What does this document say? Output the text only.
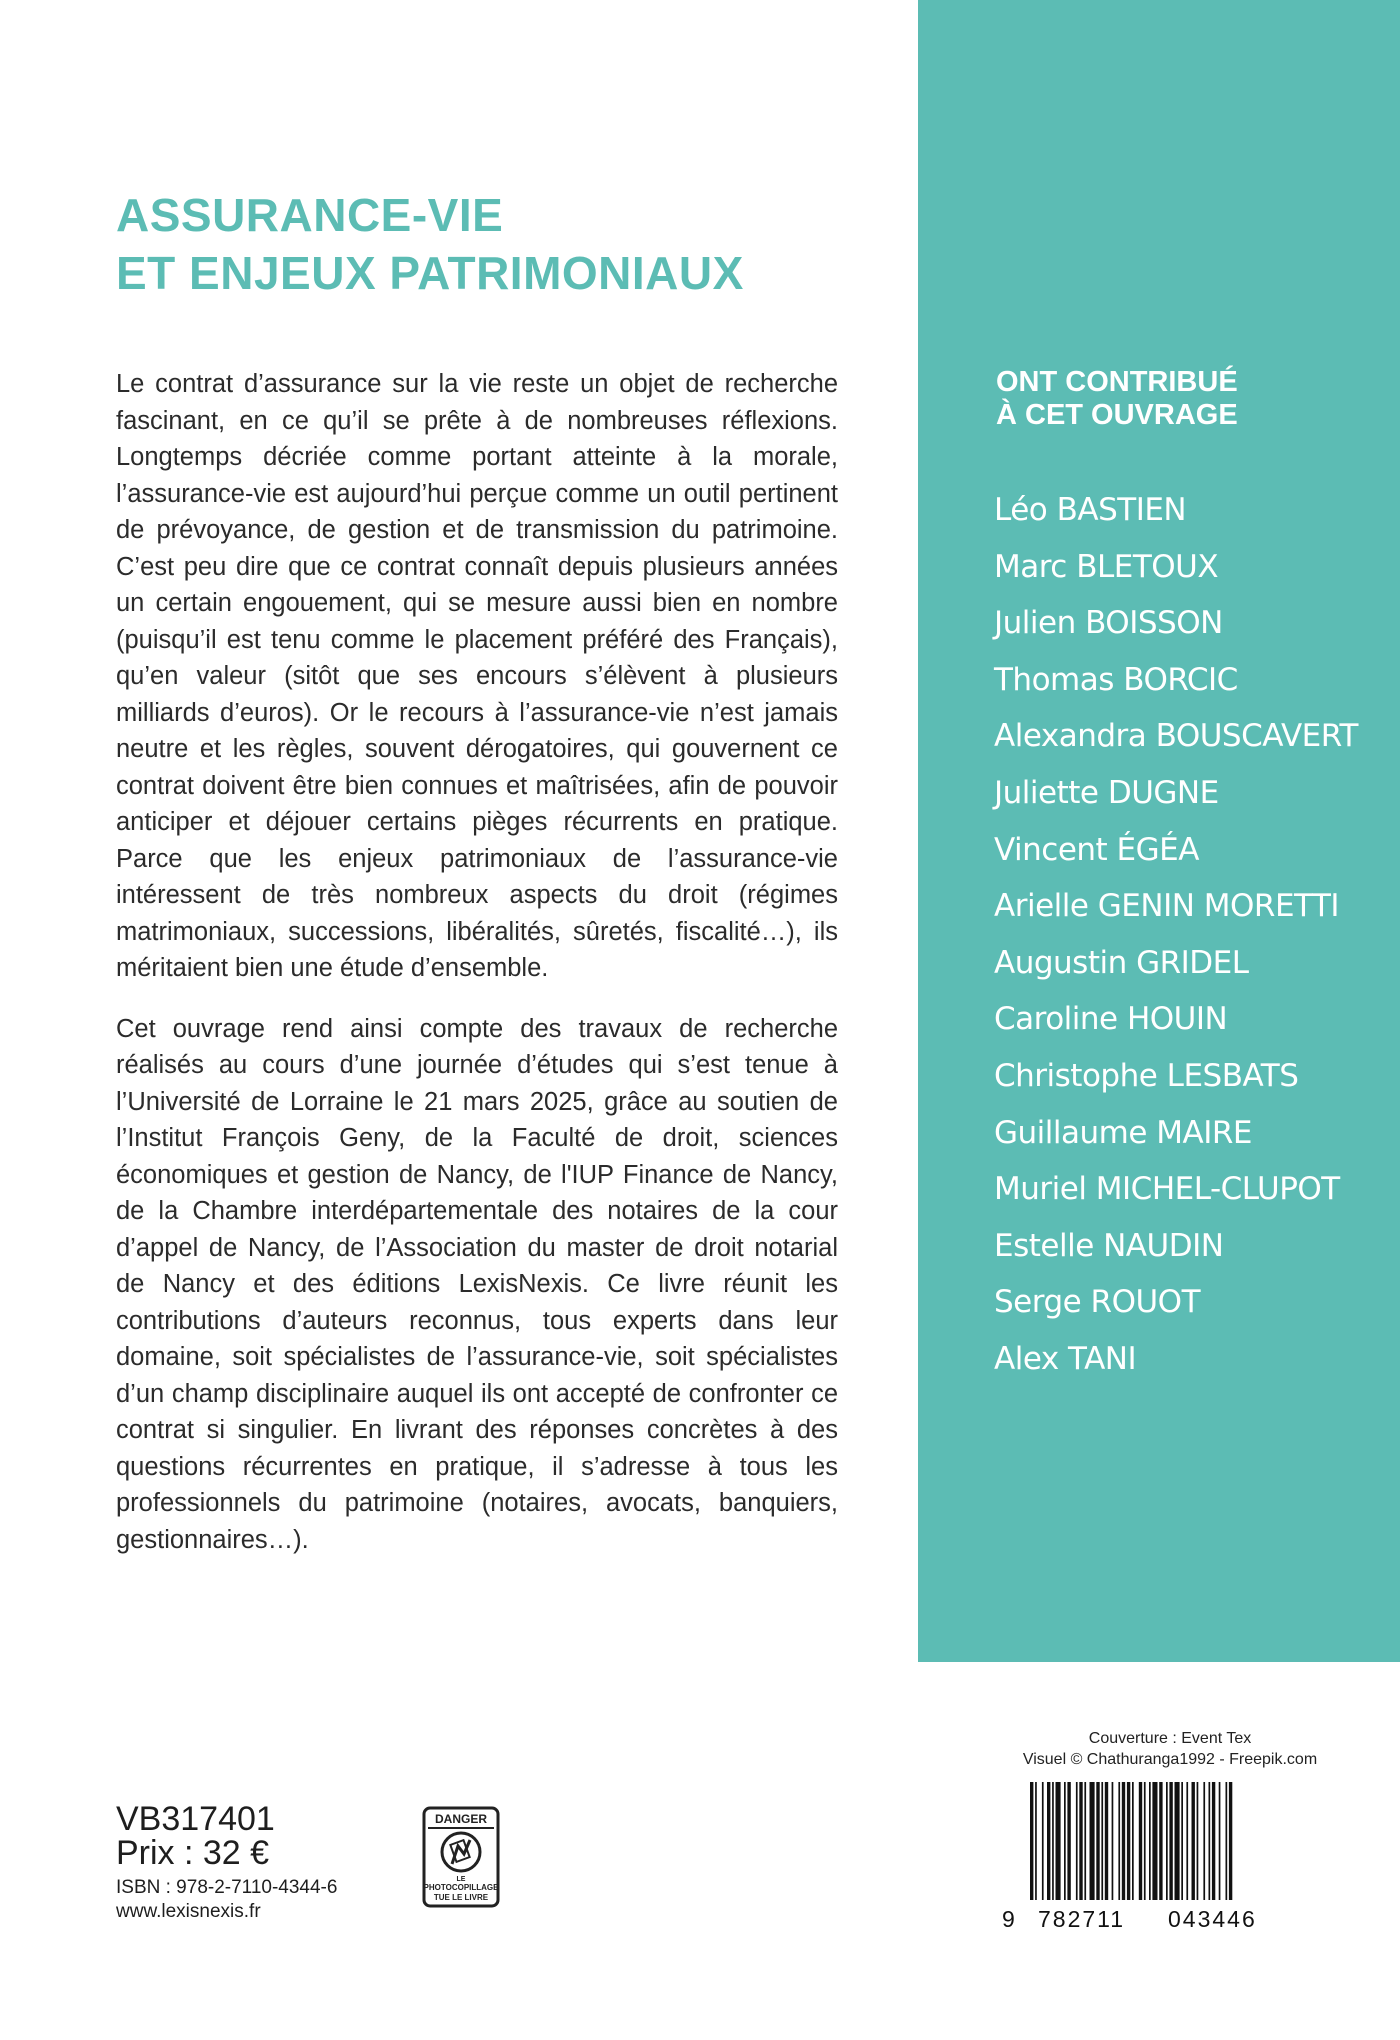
ASSURANCE-VIE
ET ENJEUX PATRIMONIAUX

Le contrat d’assurance sur la vie reste un objet de recherche fascinant, en ce qu’il se prête à de nombreuses réflexions. Longtemps décriée comme portant atteinte à la morale, l’assurance-vie est aujourd’hui perçue comme un outil pertinent de prévoyance, de gestion et de transmission du patrimoine. C’est peu dire que ce contrat connaît depuis plusieurs années un certain engouement, qui se mesure aussi bien en nombre (puisqu’il est tenu comme le placement préféré des Français), qu’en valeur (sitôt que ses encours s’élèvent à plusieurs milliards d’euros). Or le recours à l’assurance-vie n’est jamais neutre et les règles, souvent dérogatoires, qui gouvernent ce contrat doivent être bien connues et maîtrisées, afin de pouvoir anticiper et déjouer certains pièges récurrents en pratique. Parce que les enjeux patrimoniaux de l’assurance-vie intéressent de très nombreux aspects du droit (régimes matrimoniaux, successions, libéralités, sûretés, fiscalité…), ils méritaient bien une étude d’ensemble.

Cet ouvrage rend ainsi compte des travaux de recherche réalisés au cours d’une journée d’études qui s’est tenue à l’Université de Lorraine le 21 mars 2025, grâce au soutien de l’Institut François Geny, de la Faculté de droit, sciences économiques et gestion de Nancy, de l'IUP Finance de Nancy, de la Chambre interdépartementale des notaires de la cour d’appel de Nancy, de l’Association du master de droit notarial de Nancy et des éditions LexisNexis. Ce livre réunit les contributions d’auteurs reconnus, tous experts dans leur domaine, soit spécialistes de l’assurance-vie, soit spécialistes d’un champ disciplinaire auquel ils ont accepté de confronter ce contrat si singulier. En livrant des réponses concrètes à des questions récurrentes en pratique, il s’adresse à tous les professionnels du patrimoine (notaires, avocats, banquiers, gestionnaires…).

ONT CONTRIBUÉ
À CET OUVRAGE
Léo BASTIEN
Marc BLETOUX
Julien BOISSON
Thomas BORCIC
Alexandra BOUSCAVERT
Juliette DUGNE
Vincent ÉGÉA
Arielle GENIN MORETTI
Augustin GRIDEL
Caroline HOUIN
Christophe LESBATS
Guillaume MAIRE
Muriel MICHEL-CLUPOT
Estelle NAUDIN
Serge ROUOT
Alex TANI
Couverture : Event Tex
Visuel © Chathuranga1992 - Freepik.com
9 782711 043446
VB317401
Prix : 32 €
ISBN : 978-2-7110-4344-6
www.lexisnexis.fr
DANGER
LE
PHOTOCOPILLAGE
TUE LE LIVRE
